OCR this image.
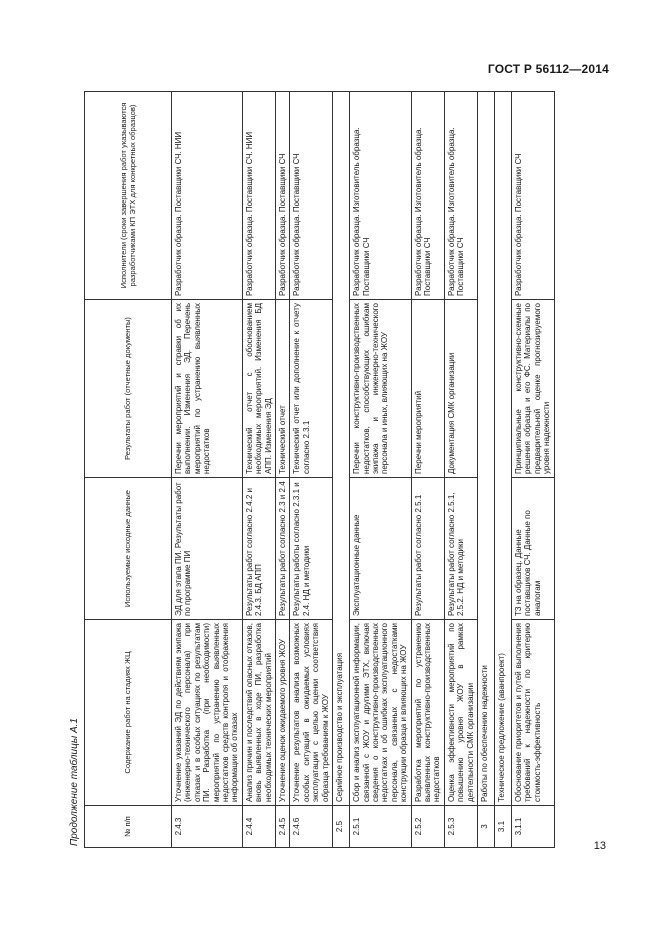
ГОСТ Р 56112—2014
Продолжение таблицы А.1	№ п/п	Содержание работ на стадиях ЖЦ	Используемые исходные данные	Результаты работ (отчетные документы)	Исполнители (сроки завершения работ указываются разработчиками КП ЭТХ для конкретных образцов)
2.4.3	Уточнение указаний ЭД по действиям экипажа (инженерно-технического персонала) при отказах и в особых ситуациях по результатам ПИ. Разработка (при необходимости) мероприятий по устранению выявленных недостатков средств контроля и отображения информации об отказах	ЭД для этапа ПИ. Результаты работ по программе ПИ	Перечни мероприятий и справки об их выполнении. Изменения ЭД. Перечень мероприятий по устранению выявленных недостатков	Разработчик образца. Поставщики СЧ. НИИ
2.4.4	Анализ причин и последствий опасных отказов, вновь выявленных в ходе ПИ, разработка необходимых технических мероприятий	Результаты работ согласно 2.4.2 и 2.4.3. БД АПП	Технический отчет с обоснованием необходимых мероприятий. Изменения БД АПП. Изменения ЭД	Разработчик образца. Поставщики СЧ. НИИ
2.4.5	Уточнение оценок ожидаемого уровня ЖОУ	Результаты работ согласно 2.3 и 2.4	Технический отчет	Разработчик образца. Поставщики СЧ
2.4.6	Уточнение результатов анализа возможных особых ситуаций в ожидаемых условиях эксплуатации с целью оценки соответствия образца требованиям к ЖОУ	Результаты работы согласно 2.3.1 и 2.4. НД и методики	Технический отчет или дополнение к отчету согласно 2.3.1	Разработчик образца. Поставщики СЧ
2.5	Серийное производство и эксплуатация			
2.5.1	Сбор и анализ эксплуатационной информации, связанной с ЖОУ и другими ЭТХ, включая сведения о конструктивно-производственных недостатках и об ошибках эксплуатационного персонала, связанных с недостатками конструкции образца и влияющих на ЖОУ	Эксплуатационные данные	Перечни конструктивно-производственных недостатков, способствующих ошибкам экипажа и инженерно-технического персонала и иных, влияющих на ЖОУ	Разработчик образца. Изготовитель образца. Поставщики СЧ
2.5.2	Разработка мероприятий по устранению выявленных конструктивно-производственных недостатков	Результаты работ согласно 2.5.1	Перечни мероприятий	Разработчик образца. Изготовитель образца. Поставщики СЧ
2.5.3	Оценка эффективности мероприятий по повышению уровня ЖОУ в рамках деятельности СМК организации	Результаты работ согласно 2.5.1, 2.5.2. НД и методики	Документация СМК организации	Разработчик образца. Изготовитель образца. Поставщики СЧ
3	Работы по обеспечению надежности			
3.1	Техническое предложение (аванпроект)			
3.1.1	Обоснование приоритетов и путей выполнения требований к надежности по критерию стоимость-эффективность	ТЗ на образец. Данные поставщиков СЧ. Данные по аналогам	Принципиальные конструктивно-схемные решения образца и его ФС. Материалы по предварительной оценке прогнозируемого уровня надежности	Разработчик образца. Поставщики СЧ
13
